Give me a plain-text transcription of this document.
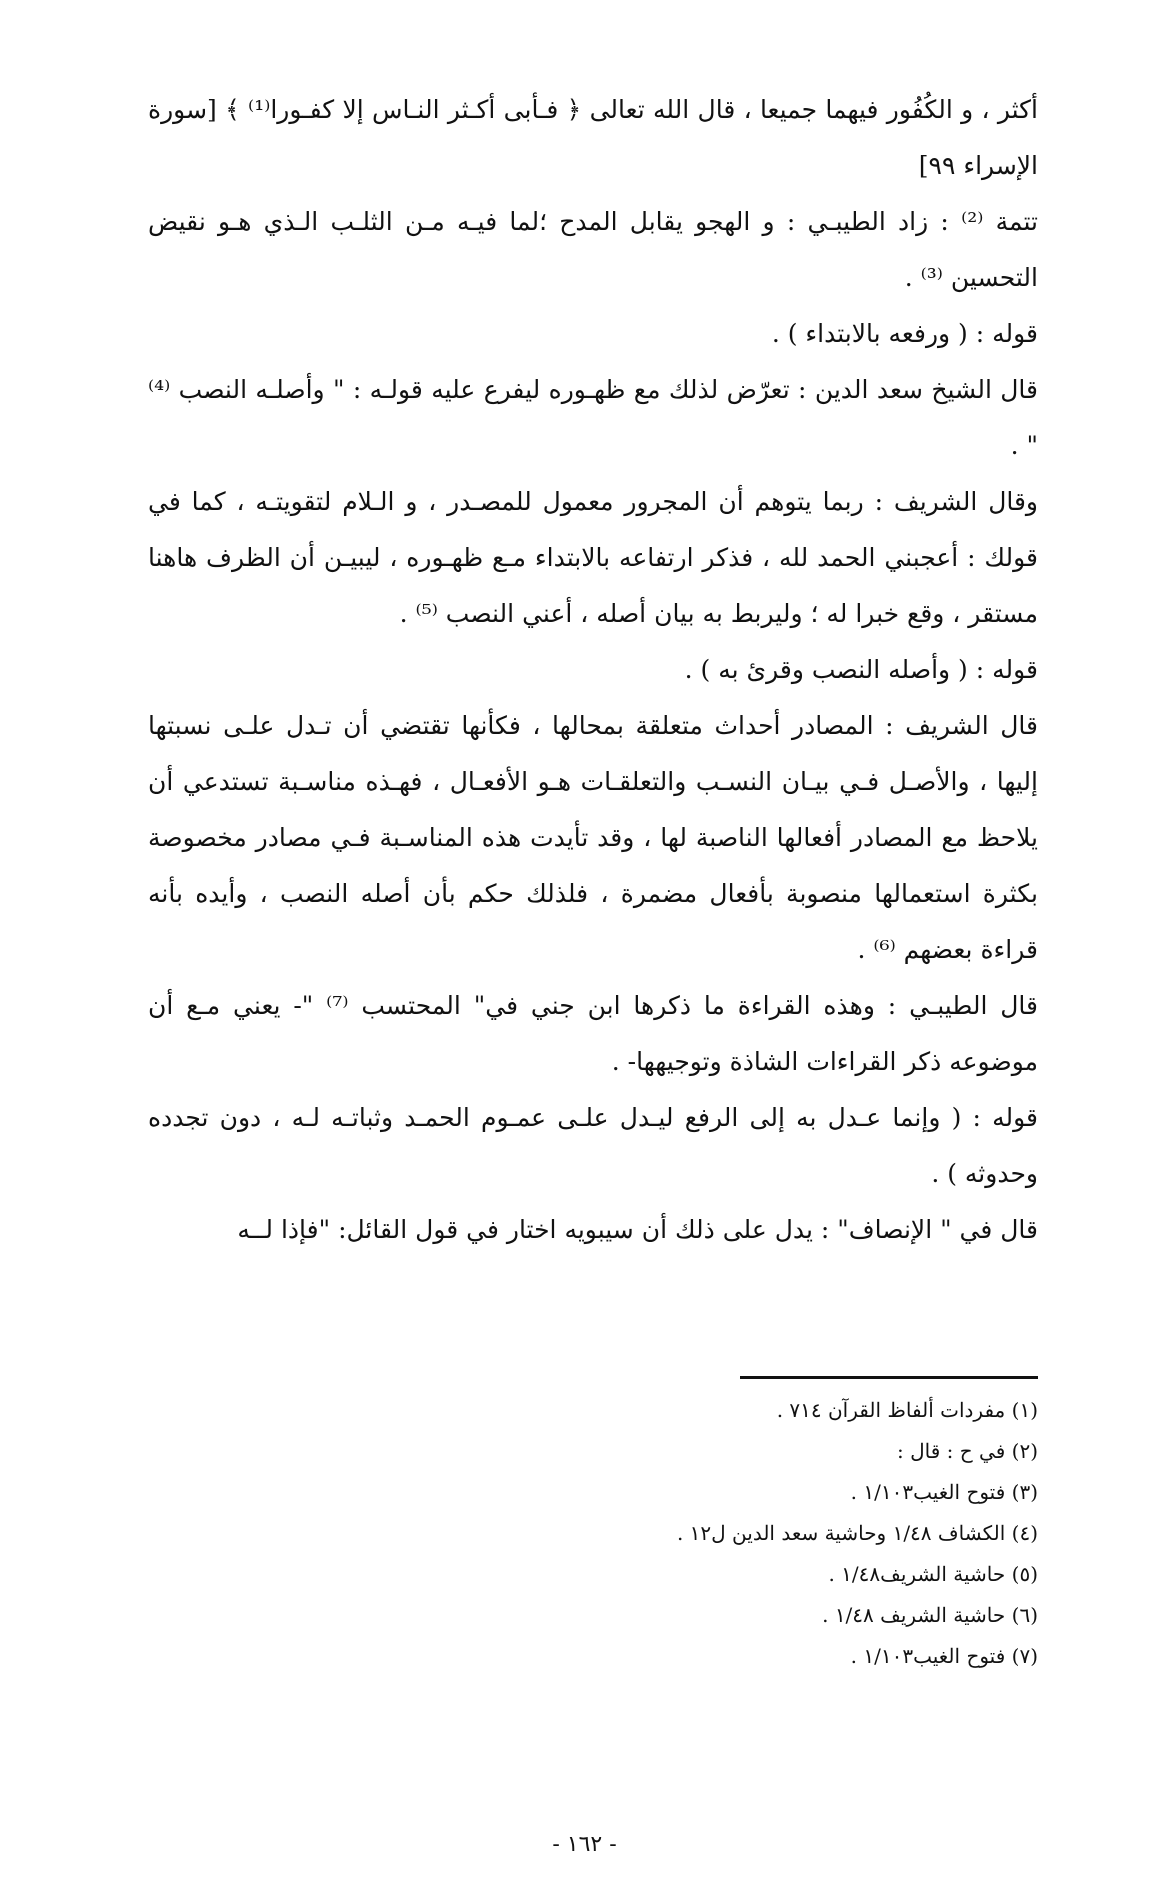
أكثر ، و الكُفُور فيهما جميعا ، قال الله تعالى ﴿ فـأبى أكـثر النـاس إلا كفـورا⁽¹⁾ ﴾ [سورة الإسراء ٩٩]

تتمة ⁽²⁾ : زاد الطيبـي : و الهجو يقابل المدح ؛لما فيـه مـن الثلـب الـذي هـو نقيض التحسين ⁽³⁾ .

قوله : ( ورفعه بالابتداء ) .

قال الشيخ سعد الدين : تعرّض لذلك مع ظهـوره ليفرع عليه قولـه : " وأصلـه النصب ⁽⁴⁾ " .

وقال الشريف : ربما يتوهم أن المجرور معمول للمصـدر ، و الـلام لتقويتـه ، كما في قولك : أعجبني الحمد لله ، فذكر ارتفاعه بالابتداء مـع ظهـوره ، ليبيـن أن الظرف هاهنا مستقر ، وقع خبرا له ؛ وليربط به بيان أصله ، أعني النصب ⁽⁵⁾ .

قوله : ( وأصله النصب وقرئ به ) .

قال الشريف : المصادر أحداث متعلقة بمحالها ، فكأنها تقتضي أن تـدل علـى نسبتها إليها ، والأصـل فـي بيـان النسـب والتعلقـات هـو الأفعـال ، فهـذه مناسـبة تستدعي أن يلاحظ مع المصادر أفعالها الناصبة لها ، وقد تأيدت هذه المناسـبة فـي مصادر مخصوصة بكثرة استعمالها منصوبة بأفعال مضمرة ، فلذلك حكم بأن أصله النصب ، وأيده بأنه قراءة بعضهم ⁽⁶⁾ .

قال الطيبـي : وهذه القراءة ما ذكرها ابن جني في" المحتسب ⁽⁷⁾ "- يعني مـع أن موضوعه ذكر القراءات الشاذة وتوجيهها- .

قوله : ( وإنما عـدل به إلى الرفع ليـدل علـى عمـوم الحمـد وثباتـه لـه ، دون تجدده وحدوثه ) .

قال في " الإنصاف" : يدل على ذلك أن سيبويه اختار في قول القائل: "فإذا لــه

(١) مفردات ألفاظ القرآن ٧١٤ .

(٢) في ح : قال :

(٣) فتوح الغيب١/١٠٣ .

(٤) الكشاف ١/٤٨ وحاشية سعد الدين ل١٢ .

(٥) حاشية الشريف١/٤٨ .

(٦) حاشية الشريف ١/٤٨ .

(٧) فتوح الغيب١/١٠٣ .

- ١٦٢ -
